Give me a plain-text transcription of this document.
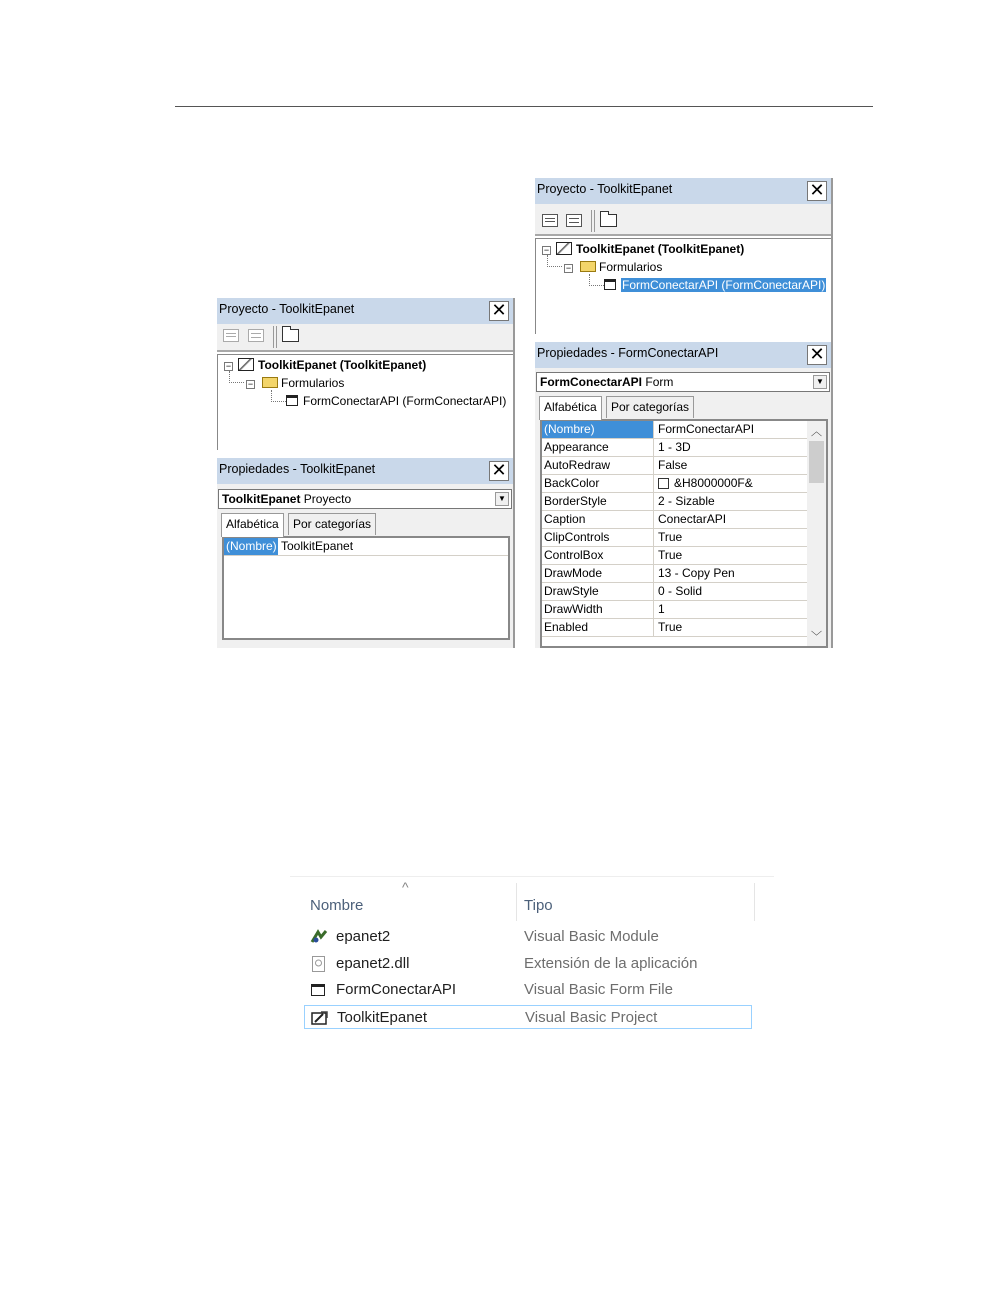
Proyecto - ToolkitEpanet	✕
−	ToolkitEpanet (ToolkitEpanet)
−	Formularios
FormConectarAPI (FormConectarAPI)
Propiedades - ToolkitEpanet	✕
ToolkitEpanet Proyecto	▼
Alfabética	Por categorías
(Nombre) ToolkitEpanet
Proyecto - ToolkitEpanet	✕
−	ToolkitEpanet (ToolkitEpanet)
−	Formularios
FormConectarAPI (FormConectarAPI)
Propiedades - FormConectarAPI	✕
FormConectarAPI Form	▼
Alfabética	Por categorías
Enabled	True
DrawWidth	1
DrawStyle	0 - Solid
DrawMode	13 - Copy Pen
ControlBox	True
ClipControls	True
Caption	ConectarAPI
BorderStyle	2 - Sizable
BackColor	&H8000000F&
AutoRedraw	False
Appearance	1 - 3D
(Nombre)	FormConectarAPI	︿
﹀
^
Nombre	Tipo
epanet2	Visual Basic Module
epanet2.dll	Extensión de la aplicación
FormConectarAPI	Visual Basic Form File
ToolkitEpanet	Visual Basic Project
